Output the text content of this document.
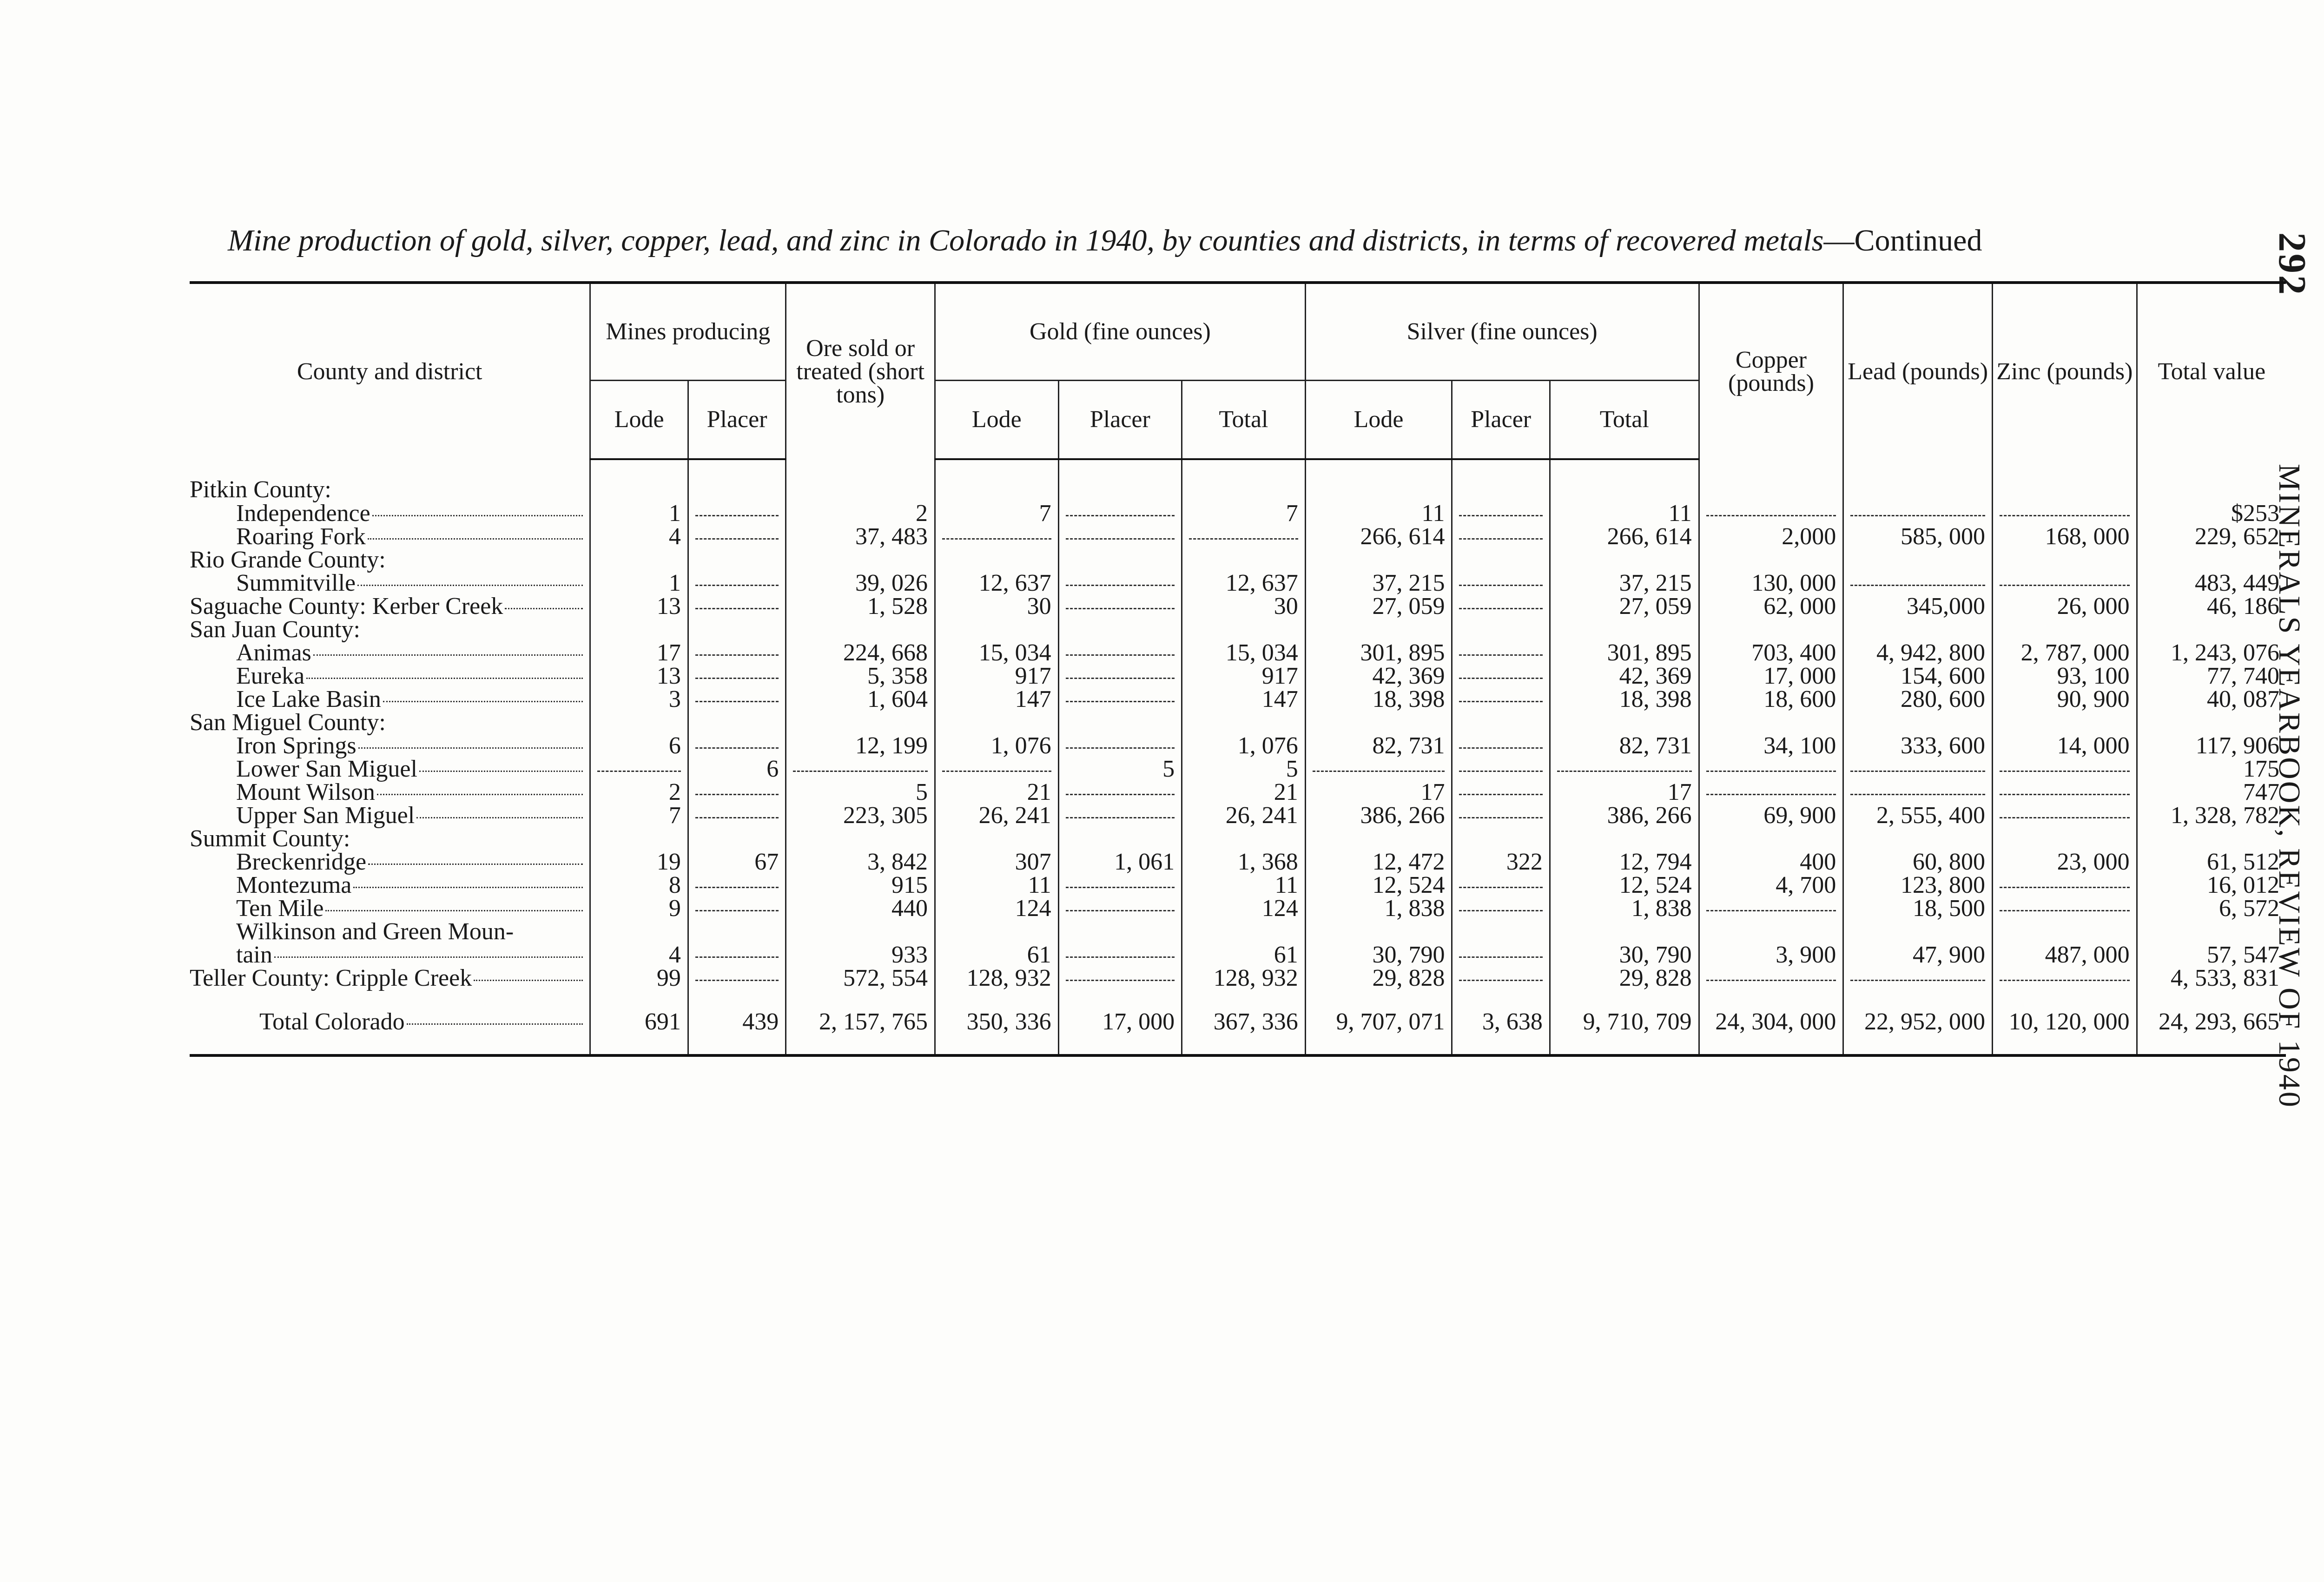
Mine production of gold, silver, copper, lead, and zinc in Colorado in 1940, by counties and districts, in terms of recovered metals—Continued	292MINERALS YEARBOOK, REVIEW OF 1940
County and district	Mines producing		Ore sold or treated (short tons)	Gold (fine ounces)			Silver (fine ounces)			Copper (pounds)	Lead (pounds)	Zinc (pounds)	Total value
	Lode	Placer		Lode	Placer	Total	Lode	Placer	Total				
Pitkin County:													

Independence	1		2	7		7	11		11				$253

Roaring Fork	4		37, 483				266, 614		266, 614	2,000	585, 000	168, 000	229, 652
Rio Grande County:													

Summitville	1		39, 026	12, 637		12, 637	37, 215		37, 215	130, 000			483, 449

Saguache County: Kerber Creek	13		1, 528	30		30	27, 059		27, 059	62, 000	345,000	26, 000	46, 186
San Juan County:													

Animas	17		224, 668	15, 034		15, 034	301, 895		301, 895	703, 400	4, 942, 800	2, 787, 000	1, 243, 076

Eureka	13		5, 358	917		917	42, 369		42, 369	17, 000	154, 600	93, 100	77, 740

Ice Lake Basin	3		1, 604	147		147	18, 398		18, 398	18, 600	280, 600	90, 900	40, 087
San Miguel County:													

Iron Springs	6		12, 199	1, 076		1, 076	82, 731		82, 731	34, 100	333, 600	14, 000	117, 906

Lower San Miguel		6			5	5							175

Mount Wilson	2		5	21		21	17		17				747

Upper San Miguel	7		223, 305	26, 241		26, 241	386, 266		386, 266	69, 900	2, 555, 400		1, 328, 782
Summit County:													

Breckenridge	19	67	3, 842	307	1, 061	1, 368	12, 472	322	12, 794	400	60, 800	23, 000	61, 512

Montezuma	8		915	11		11	12, 524		12, 524	4, 700	123, 800		16, 012

Ten Mile	9		440	124		124	1, 838		1, 838		18, 500		6, 572
Wilkinson and Green Moun-													

tain	4		933	61		61	30, 790		30, 790	3, 900	47, 900	487, 000	57, 547

Teller County: Cripple Creek	99		572, 554	128, 932		128, 932	29, 828		29, 828				4, 533, 831

Total Colorado	691	439	2, 157, 765	350, 336	17, 000	367, 336	9, 707, 071	3, 638	9, 710, 709	24, 304, 000	22, 952, 000	10, 120, 000	24, 293, 665
